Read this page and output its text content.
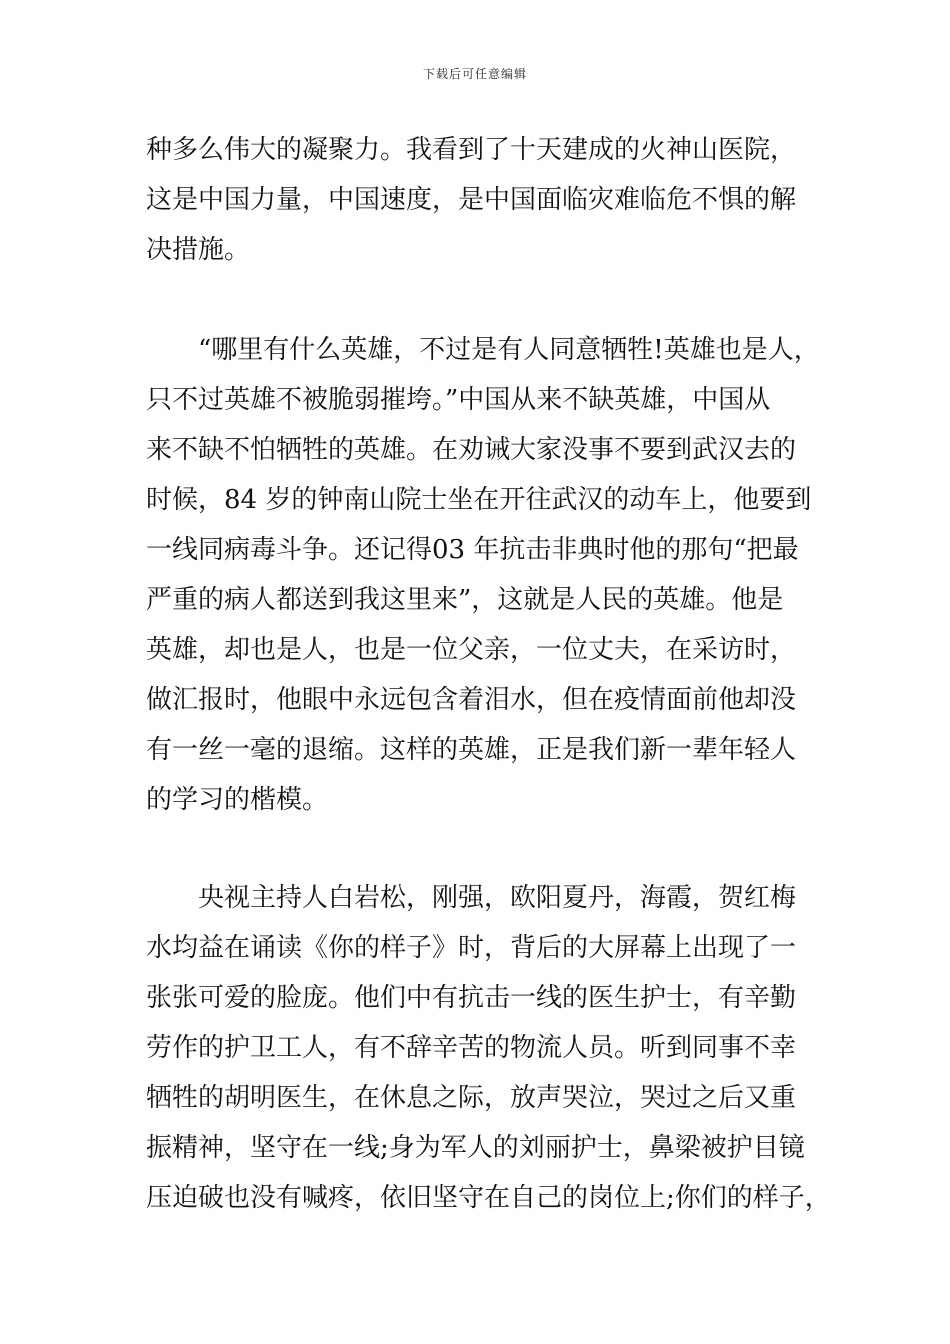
下载后可任意编辑
种多么伟大的凝聚力。我看到了十天建成的火神山医院，
这是中国力量，中国速度，是中国面临灾难临危不惧的解
决措施。
“哪里有什么英雄，不过是有人同意牺牲!英雄也是人，
只不过英雄不被脆弱摧垮。”中国从来不缺英雄，中国从
来不缺不怕牺牲的英雄。在劝诫大家没事不要到武汉去的
时候，84 岁的钟南山院士坐在开往武汉的动车上，他要到
一线同病毒斗争。还记得03 年抗击非典时他的那句“把最
严重的病人都送到我这里来”，这就是人民的英雄。他是
英雄，却也是人，也是一位父亲，一位丈夫，在采访时，
做汇报时，他眼中永远包含着泪水，但在疫情面前他却没
有一丝一毫的退缩。这样的英雄，正是我们新一辈年轻人
的学习的楷模。
央视主持人白岩松，刚强，欧阳夏丹，海霞，贺红梅
水均益在诵读《你的样子》时，背后的大屏幕上出现了一
张张可爱的脸庞。他们中有抗击一线的医生护士，有辛勤
劳作的护卫工人，有不辞辛苦的物流人员。听到同事不幸
牺牲的胡明医生，在休息之际，放声哭泣，哭过之后又重
振精神，坚守在一线;身为军人的刘丽护士，鼻梁被护目镜
压迫破也没有喊疼，依旧坚守在自己的岗位上;你们的样子，
